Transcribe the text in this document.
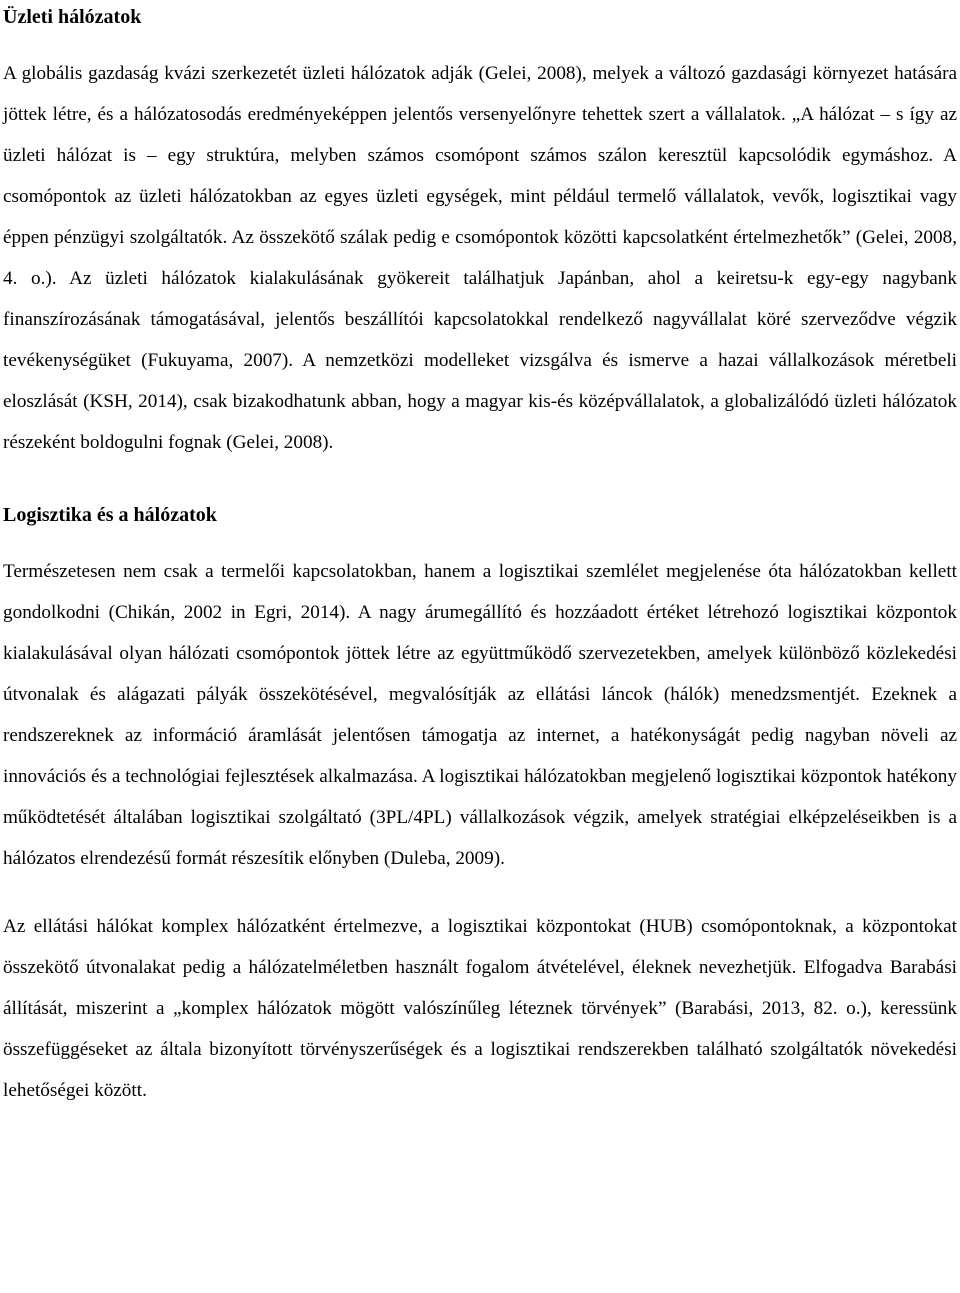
Üzleti hálózatok

A globális gazdaság kvázi szerkezetét üzleti hálózatok adják (Gelei, 2008), melyek a változó gazdasági környezet hatására jöttek létre, és a hálózatosodás eredményeképpen jelentős versenyelőnyre tehettek szert a vállalatok. „A hálózat – s így az üzleti hálózat is – egy struktúra, melyben számos csomópont számos szálon keresztül kapcsolódik egymáshoz. A csomópontok az üzleti hálózatokban az egyes üzleti egységek, mint például termelő vállalatok, vevők, logisztikai vagy éppen pénzügyi szolgáltatók. Az összekötő szálak pedig e csomópontok közötti kapcsolatként értelmezhetők” (Gelei, 2008, 4. o.). Az üzleti hálózatok kialakulásának gyökereit találhatjuk Japánban, ahol a keiretsu-k egy-egy nagybank finanszírozásának támogatásával, jelentős beszállítói kapcsolatokkal rendelkező nagyvállalat köré szerveződve végzik tevékenységüket (Fukuyama, 2007). A nemzetközi modelleket vizsgálva és ismerve a hazai vállalkozások méretbeli eloszlását (KSH, 2014), csak bizakodhatunk abban, hogy a magyar kis-és középvállalatok, a globalizálódó üzleti hálózatok részeként boldogulni fognak (Gelei, 2008).

Logisztika és a hálózatok

Természetesen nem csak a termelői kapcsolatokban, hanem a logisztikai szemlélet megjelenése óta hálózatokban kellett gondolkodni (Chikán, 2002 in Egri, 2014). A nagy árumegállító és hozzáadott értéket létrehozó logisztikai központok kialakulásával olyan hálózati csomópontok jöttek létre az együttműködő szervezetekben, amelyek különböző közlekedési útvonalak és alágazati pályák összekötésével, megvalósítják az ellátási láncok (hálók) menedzsmentjét. Ezeknek a rendszereknek az információ áramlását jelentősen támogatja az internet, a hatékonyságát pedig nagyban növeli az innovációs és a technológiai fejlesztések alkalmazása. A logisztikai hálózatokban megjelenő logisztikai központok hatékony működtetését általában logisztikai szolgáltató (3PL/4PL) vállalkozások végzik, amelyek stratégiai elképzeléseikben is a hálózatos elrendezésű formát részesítik előnyben (Duleba, 2009).

Az ellátási hálókat komplex hálózatként értelmezve, a logisztikai központokat (HUB) csomópontoknak, a központokat összekötő útvonalakat pedig a hálózatelméletben használt fogalom átvételével, éleknek nevezhetjük. Elfogadva Barabási állítását, miszerint a „komplex hálózatok mögött valószínűleg léteznek törvények” (Barabási, 2013, 82. o.), keressünk összefüggéseket az általa bizonyított törvényszerűségek és a logisztikai rendszerekben található szolgáltatók növekedési lehetőségei között.
